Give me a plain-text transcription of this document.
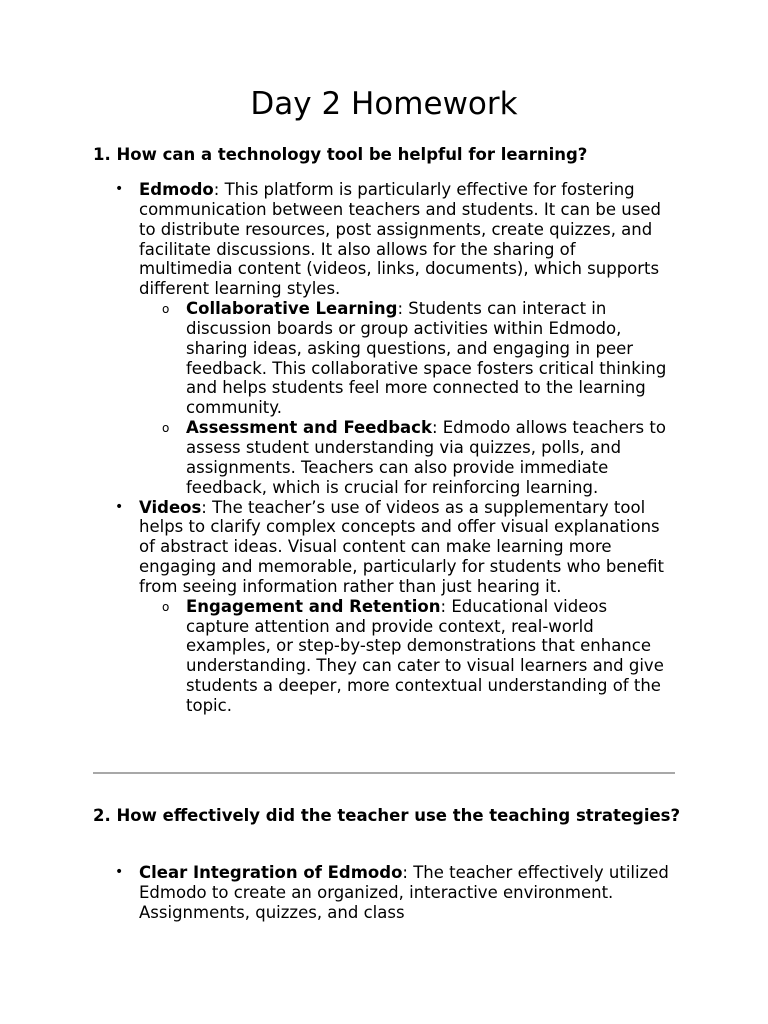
Day 2 Homework
1. How can a technology tool be helpful for learning?
• Edmodo: This platform is particularly effective for fostering communication between teachers and students. It can be used to distribute resources, post assignments, create quizzes, and facilitate discussions. It also allows for the sharing of multimedia content (videos, links, documents), which supports different learning styles.
o Collaborative Learning: Students can interact in discussion boards or group activities within Edmodo, sharing ideas, asking questions, and engaging in peer feedback. This collaborative space fosters critical thinking and helps students feel more connected to the learning community.
o Assessment and Feedback: Edmodo allows teachers to assess student understanding via quizzes, polls, and assignments. Teachers can also provide immediate feedback, which is crucial for reinforcing learning.
• Videos: The teacher’s use of videos as a supplementary tool helps to clarify complex concepts and offer visual explanations of abstract ideas. Visual content can make learning more engaging and memorable, particularly for students who benefit from seeing information rather than just hearing it.
o Engagement and Retention: Educational videos capture attention and provide context, real-world examples, or step-by-step demonstrations that enhance understanding. They can cater to visual learners and give students a deeper, more contextual understanding of the topic.
2. How effectively did the teacher use the teaching strategies?
• Clear Integration of Edmodo: The teacher effectively utilized Edmodo to create an organized, interactive environment. Assignments, quizzes, and class
